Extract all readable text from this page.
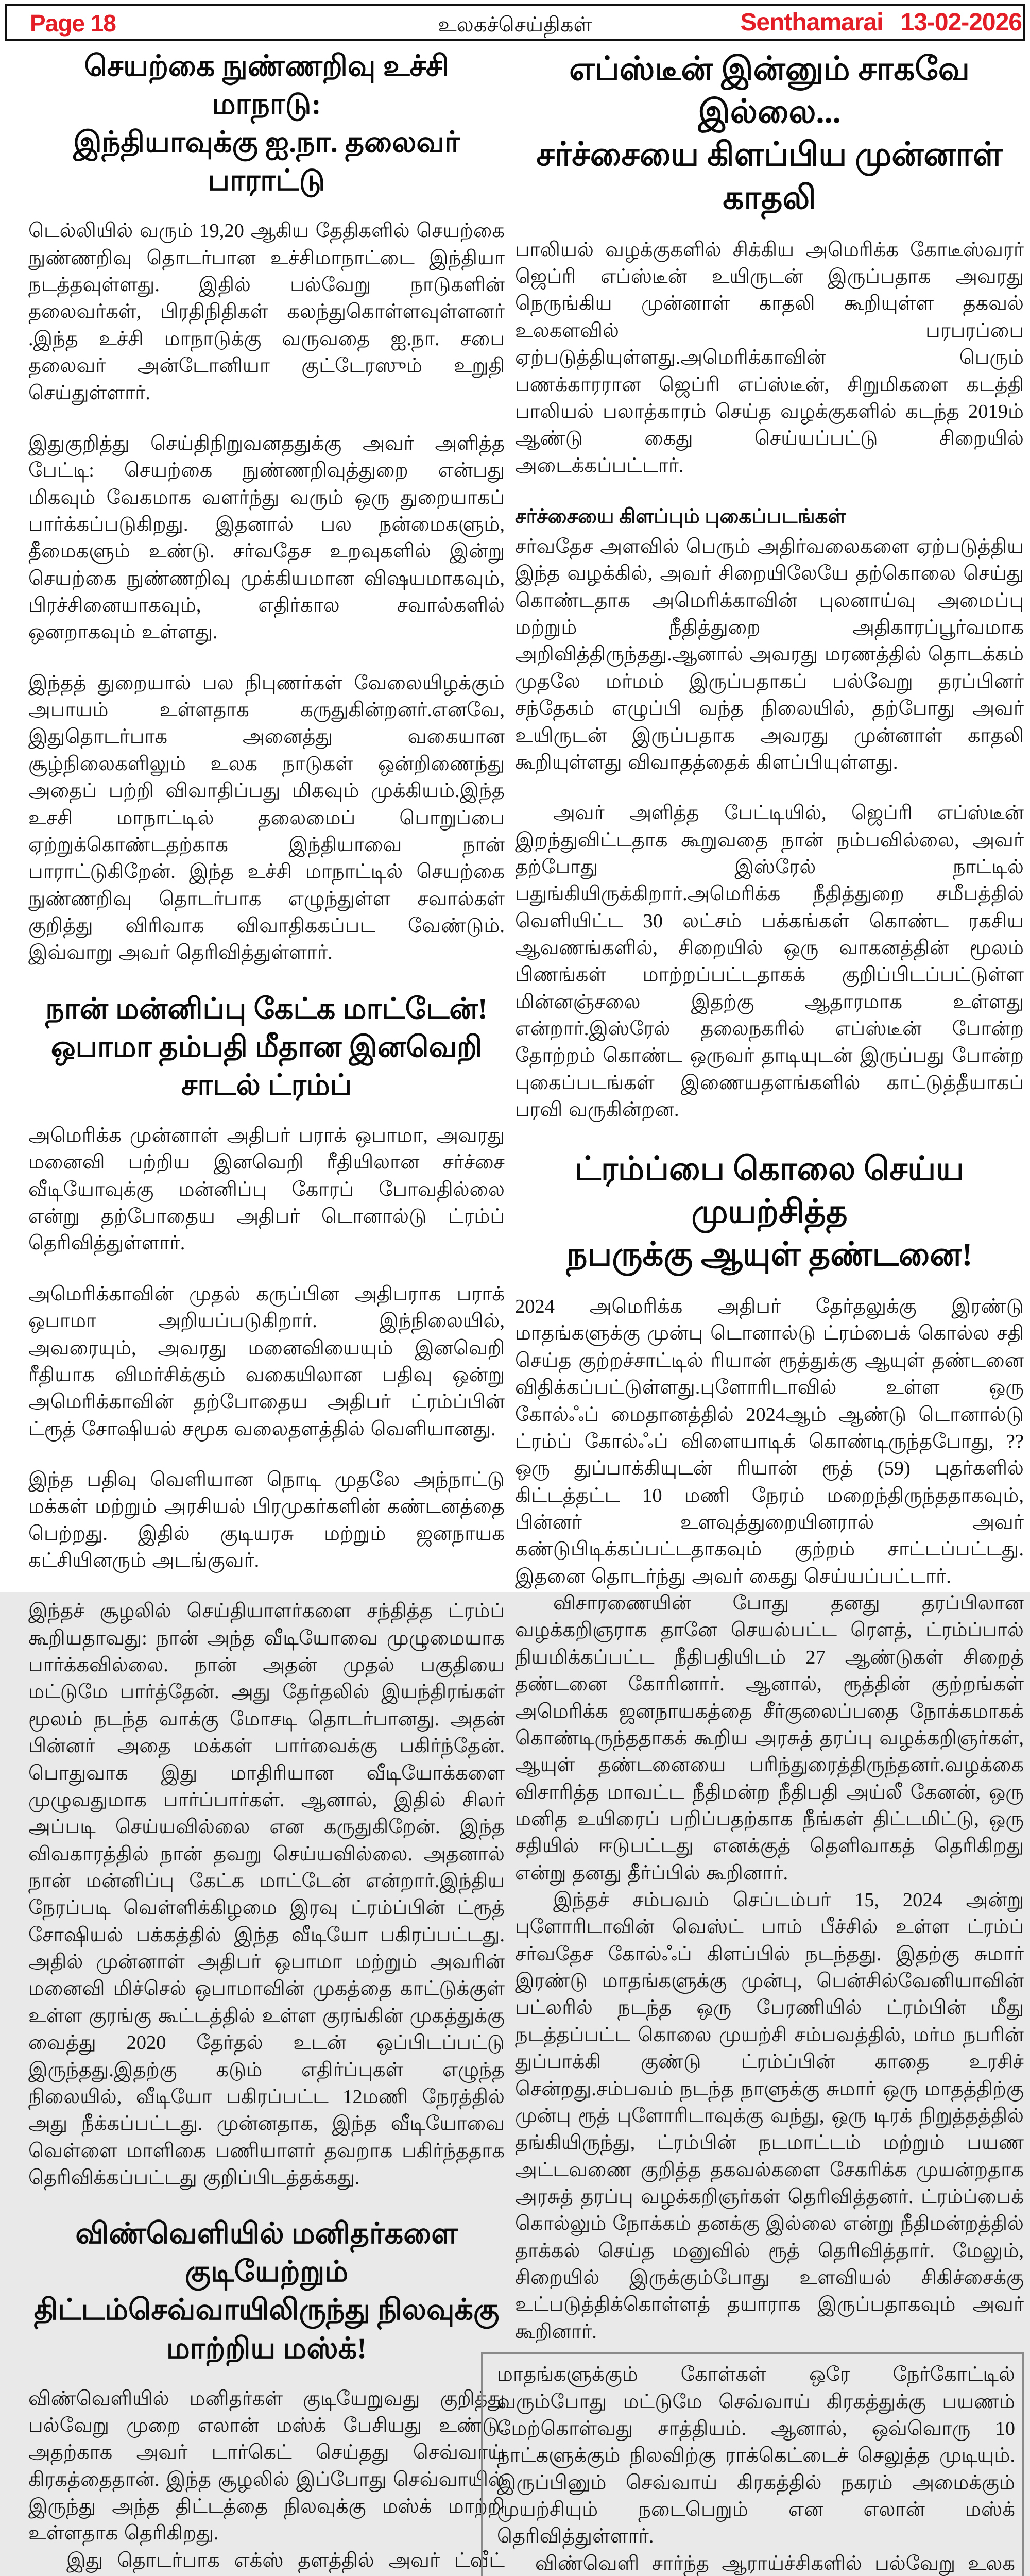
Page 18	உலகச்செய்திகள்	Senthamarai 13-02-2026
செயற்கை நுண்ணறிவு உச்சி மாநாடு:
இந்தியாவுக்கு ஐ.நா. தலைவர் பாராட்டு

டெல்லியில் வரும் 19,20 ஆகிய தேதிகளில் செயற்கை நுண்ணறிவு தொடர்பான உச்சிமாநாட்டை இந்தியா நடத்தவுள்ளது. இதில் பல்வேறு நாடுகளின் தலைவர்கள், பிரதிநிதிகள் கலந்துகொள்ளவுள்ளனர் .இந்த உச்சி மாநாடுக்கு வருவதை ஐ.நா. சபை தலைவர் அன்டோனியா குட்டேரஸும் உறுதி செய்துள்ளார்.

இதுகுறித்து செய்திநிறுவனததுக்கு அவர் அளித்த பேட்டி: செயற்கை நுண்ணறிவுத்துறை என்பது மிகவும் வேகமாக வளர்ந்து வரும் ஒரு துறையாகப் பார்க்கப்படுகிறது. இதனால் பல நன்மைகளும், தீமைகளும் உண்டு. சர்வதேச உறவுகளில் இன்று செயற்கை நுண்ணறிவு முக்கியமான விஷயமாகவும், பிரச்சினையாகவும், எதிர்கால சவால்களில் ஒனறாகவும் உள்ளது.

இந்தத் துறையால் பல நிபுணர்கள் வேலையிழக்கும் அபாயம் உள்ளதாக கருதுகின்றனர்.எனவே, இதுதொடர்பாக அனைத்து வகையான சூழ்நிலைகளிலும் உலக நாடுகள் ஒன்றிணைந்து அதைப் பற்றி விவாதிப்பது மிகவும் முக்கியம்.இந்த உசசி மாநாட்டில் தலைமைப் பொறுப்பை ஏற்றுக்கொண்டதற்காக இந்தியாவை நான் பாராட்டுகிறேன். இந்த உச்சி மாநாட்டில் செயற்கை நுண்ணறிவு தொடர்பாக எழுந்துள்ள சவால்கள் குறித்து விரிவாக விவாதிககப்பட வேண்டும். இவ்வாறு அவர் தெரிவித்துள்ளார்.

நான் மன்னிப்பு கேட்க மாட்டேன்!
ஒபாமா தம்பதி மீதான இனவெறி சாடல் ட்ரம்ப்

அமெரிக்க முன்னாள் அதிபர் பராக் ஒபாமா, அவரது மனைவி பற்றிய இனவெறி ரீதியிலான சர்ச்சை வீடியோவுக்கு மன்னிப்பு கோரப் போவதில்லை என்று தற்போதைய அதிபர் டொனால்டு ட்ரம்ப் தெரிவித்துள்ளார்.

அமெரிக்காவின் முதல் கருப்பின அதிபராக பராக் ஒபாமா அறியப்படுகிறார். இந்நிலையில், அவரையும், அவரது மனைவியையும் இனவெறி ரீதியாக விமர்சிக்கும் வகையிலான பதிவு ஒன்று அமெரிக்காவின் தற்போதைய அதிபர் ட்ரம்ப்பின் ட்ரூத் சோஷியல் சமூக வலைதளத்தில் வெளியானது.

இந்த பதிவு வெளியான நொடி முதலே அந்நாட்டு மக்கள் மற்றும் அரசியல் பிரமுகர்களின் கண்டனத்தை பெற்றது. இதில் குடியரசு மற்றும் ஜனநாயக கட்சியினரும் அடங்குவர்.

இந்தச் சூழலில் செய்தியாளர்களை சந்தித்த ட்ரம்ப் கூறியதாவது: நான் அந்த வீடியோவை முழுமையாக பார்க்கவில்லை. நான் அதன் முதல் பகுதியை மட்டுமே பார்த்தேன். அது தேர்தலில் இயந்திரங்கள் மூலம் நடந்த வாக்கு மோசடி தொடர்பானது. அதன் பின்னர் அதை மக்கள் பார்வைக்கு பகிர்ந்தேன். பொதுவாக இது மாதிரியான வீடியோக்களை முழுவதுமாக பார்ப்பார்கள். ஆனால், இதில் சிலர் அப்படி செய்யவில்லை என கருதுகிறேன். இந்த விவகாரத்தில் நான் தவறு செய்யவில்லை. அதனால் நான் மன்னிப்பு கேட்க மாட்டேன் என்றார்.இந்திய நேரப்படி வெள்ளிக்கிழமை இரவு ட்ரம்ப்பின் ட்ரூத் சோஷியல் பக்கத்தில் இந்த வீடியோ பகிரப்பட்டது. அதில் முன்னாள் அதிபர் ஒபாமா மற்றும் அவரின் மனைவி மிச்செல் ஒபாமாவின் முகத்தை காட்டுக்குள் உள்ள குரங்கு கூட்டத்தில் உள்ள குரங்கின் முகத்துக்கு வைத்து 2020 தேர்தல் உடன் ஒப்பிடப்பட்டு இருந்தது.இதற்கு கடும் எதிர்ப்புகள் எழுந்த நிலையில், வீடியோ பகிரப்பட்ட 12மணி நேரத்தில் அது நீக்கப்பட்டது. முன்னதாக, இந்த வீடியோவை வெள்ளை மாளிகை பணியாளர் தவறாக பகிர்ந்ததாக தெரிவிக்கப்பட்டது குறிப்பிடத்தக்கது.

விண்வெளியில் மனிதர்களை குடியேற்றும்
திட்டம்செவ்வாயிலிருந்து நிலவுக்கு மாற்றிய மஸ்க்!

விண்வெளியில் மனிதர்கள் குடியேறுவது குறித்து பல்வேறு முறை எலான் மஸ்க் பேசியது உண்டு. அதற்காக அவர் டார்கெட் செய்தது செவ்வாய் கிரகத்தைதான். இந்த சூழலில் இப்போது செவ்வாயில் இருந்து அந்த திட்டத்தை நிலவுக்கு மஸ்க் மாற்றி உள்ளதாக தெரிகிறது.

இது தொடர்பாக எக்ஸ் தளத்தில் அவர் ட்வீட்

எப்ஸ்டீன் இன்னும் சாகவே இல்லை...
சர்ச்சையை கிளப்பிய முன்னாள் காதலி

பாலியல் வழக்குகளில் சிக்கிய அமெரிக்க கோடீஸ்வரர் ஜெப்ரி எப்ஸ்டீன் உயிருடன் இருப்பதாக அவரது நெருங்கிய முன்னாள் காதலி கூறியுள்ள தகவல் உலகளவில் பரபரப்பை ஏற்படுத்தியுள்ளது.அமெரிக்காவின் பெரும் பணக்காரரான ஜெப்ரி எப்ஸ்டீன், சிறுமிகளை கடத்தி பாலியல் பலாத்காரம் செய்த வழக்குகளில் கடந்த 2019ம் ஆண்டு கைது செய்யப்பட்டு சிறையில் அடைக்கப்பட்டார்.

சர்ச்சையை கிளப்பும் புகைப்படங்கள்

சர்வதேச அளவில் பெரும் அதிர்வலைகளை ஏற்படுத்திய இந்த வழக்கில், அவர் சிறையிலேயே தற்கொலை செய்து கொண்டதாக அமெரிக்காவின் புலனாய்வு அமைப்பு மற்றும் நீதித்துறை அதிகாரப்பூர்வமாக அறிவித்திருந்தது.ஆனால் அவரது மரணத்தில் தொடக்கம் முதலே மர்மம் இருப்பதாகப் பல்வேறு தரப்பினர் சந்தேகம் எழுப்பி வந்த நிலையில், தற்போது அவர் உயிருடன் இருப்பதாக அவரது முன்னாள் காதலி கூறியுள்ளது விவாதத்தைக் கிளப்பியுள்ளது.

அவர் அளித்த பேட்டியில், ஜெப்ரி எப்ஸ்டீன் இறந்துவிட்டதாக கூறுவதை நான் நம்பவில்லை, அவர் தற்போது இஸ்ரேல் நாட்டில் பதுங்கியிருக்கிறார்.அமெரிக்க நீதித்துறை சமீபத்தில் வெளியிட்ட 30 லட்சம் பக்கங்கள் கொண்ட ரகசிய ஆவணங்களில், சிறையில் ஒரு வாகனத்தின் மூலம் பிணங்கள் மாற்றப்பட்டதாகக் குறிப்பிடப்பட்டுள்ள மின்னஞ்சலை இதற்கு ஆதாரமாக உள்ளது என்றார்.இஸ்ரேல் தலைநகரில் எப்ஸ்டீன் போன்ற தோற்றம் கொண்ட ஒருவர் தாடியுடன் இருப்பது போன்ற புகைப்படங்கள் இணையதளங்களில் காட்டுத்தீயாகப் பரவி வருகின்றன.

ட்ரம்ப்பை கொலை செய்ய முயற்சித்த
நபருக்கு ஆயுள் தண்டனை!

2024 அமெரிக்க அதிபர் தேர்தலுக்கு இரண்டு மாதங்களுக்கு முன்பு டொனால்டு ட்ரம்பைக் கொல்ல சதி செய்த குற்றச்சாட்டில் ரியான் ரூத்துக்கு ஆயுள் தண்டனை விதிக்கப்பட்டுள்ளது.புளோரிடாவில் உள்ள ஒரு கோல்ஃப் மைதானத்தில் 2024ஆம் ஆண்டு டொனால்டு ட்ரம்ப் கோல்ஃப் விளையாடிக் கொண்டிருந்தபோது, ??ஒரு துப்பாக்கியுடன் ரியான் ரூத் (59) புதர்களில் கிட்டத்தட்ட 10 மணி நேரம் மறைந்திருந்ததாகவும், பின்னர் உளவுத்துறையினரால் அவர் கண்டுபிடிக்கப்பட்டதாகவும் குற்றம் சாட்டப்பட்டது. இதனை தொடர்ந்து அவர் கைது செய்யப்பட்டார்.

விசாரணையின் போது தனது தரப்பிலான வழக்கறிஞராக தானே செயல்பட்ட ரௌத், ட்ரம்ப்பால் நியமிக்கப்பட்ட நீதிபதியிடம் 27 ஆண்டுகள் சிறைத் தண்டனை கோரினார். ஆனால், ரூத்தின் குற்றங்கள் அமெரிக்க ஜனநாயகத்தை சீர்குலைப்பதை நோக்கமாகக் கொண்டிருந்ததாகக் கூறிய அரசுத் தரப்பு வழக்கறிஞர்கள், ஆயுள் தண்டனையை பரிந்துரைத்திருந்தனர்.வழக்கை விசாரித்த மாவட்ட நீதிமன்ற நீதிபதி அய்லீ கேனன், ஒரு மனித உயிரைப் பறிப்பதற்காக நீங்கள் திட்டமிட்டு, ஒரு சதியில் ஈடுபட்டது எனக்குத் தெளிவாகத் தெரிகிறது என்று தனது தீர்ப்பில் கூறினார்.

இந்தச் சம்பவம் செப்டம்பர் 15, 2024 அன்று புளோரிடாவின் வெஸ்ட் பாம் பீச்சில் உள்ள ட்ரம்ப் சர்வதேச கோல்ஃப் கிளப்பில் நடந்தது. இதற்கு சுமார் இரண்டு மாதங்களுக்கு முன்பு, பென்சில்வேனியாவின் பட்லரில் நடந்த ஒரு பேரணியில் ட்ரம்பின் மீது நடத்தப்பட்ட கொலை முயற்சி சம்பவத்தில், மர்ம நபரின் துப்பாக்கி குண்டு ட்ரம்ப்பின் காதை உரசிச் சென்றது.சம்பவம் நடந்த நாளுக்கு சுமார் ஒரு மாதத்திற்கு முன்பு ரூத் புளோரிடாவுக்கு வந்து, ஒரு டிரக் நிறுத்தத்தில் தங்கியிருந்து, ட்ரம்பின் நடமாட்டம் மற்றும் பயண அட்டவணை குறித்த தகவல்களை சேகரிக்க முயன்றதாக அரசுத் தரப்பு வழக்கறிஞர்கள் தெரிவித்தனர். ட்ரம்ப்பைக் கொல்லும் நோக்கம் தனக்கு இல்லை என்று நீதிமன்றத்தில் தாக்கல் செய்த மனுவில் ரூத் தெரிவித்தார். மேலும், சிறையில் இருக்கும்போது உளவியல் சிகிச்சைக்கு உட்படுத்திக்கொள்ளத் தயாராக இருப்பதாகவும் அவர் கூறினார்.

மாதங்களுக்கும் கோள்கள் ஒரே நேர்கோட்டில் வரும்போது மட்டுமே செவ்வாய் கிரகத்துக்கு பயணம் மேற்கொள்வது சாத்தியம். ஆனால், ஒவ்வொரு 10 நாட்களுக்கும் நிலவிற்கு ராக்கெட்டைச் செலுத்த முடியும். இருப்பினும் செவ்வாய் கிரகத்தில் நகரம் அமைக்கும் முயற்சியும் நடைபெறும் என எலான் மஸ்க் தெரிவித்துள்ளார்.

விண்வெளி சார்ந்த ஆராய்ச்சிகளில் பல்வேறு உலக
